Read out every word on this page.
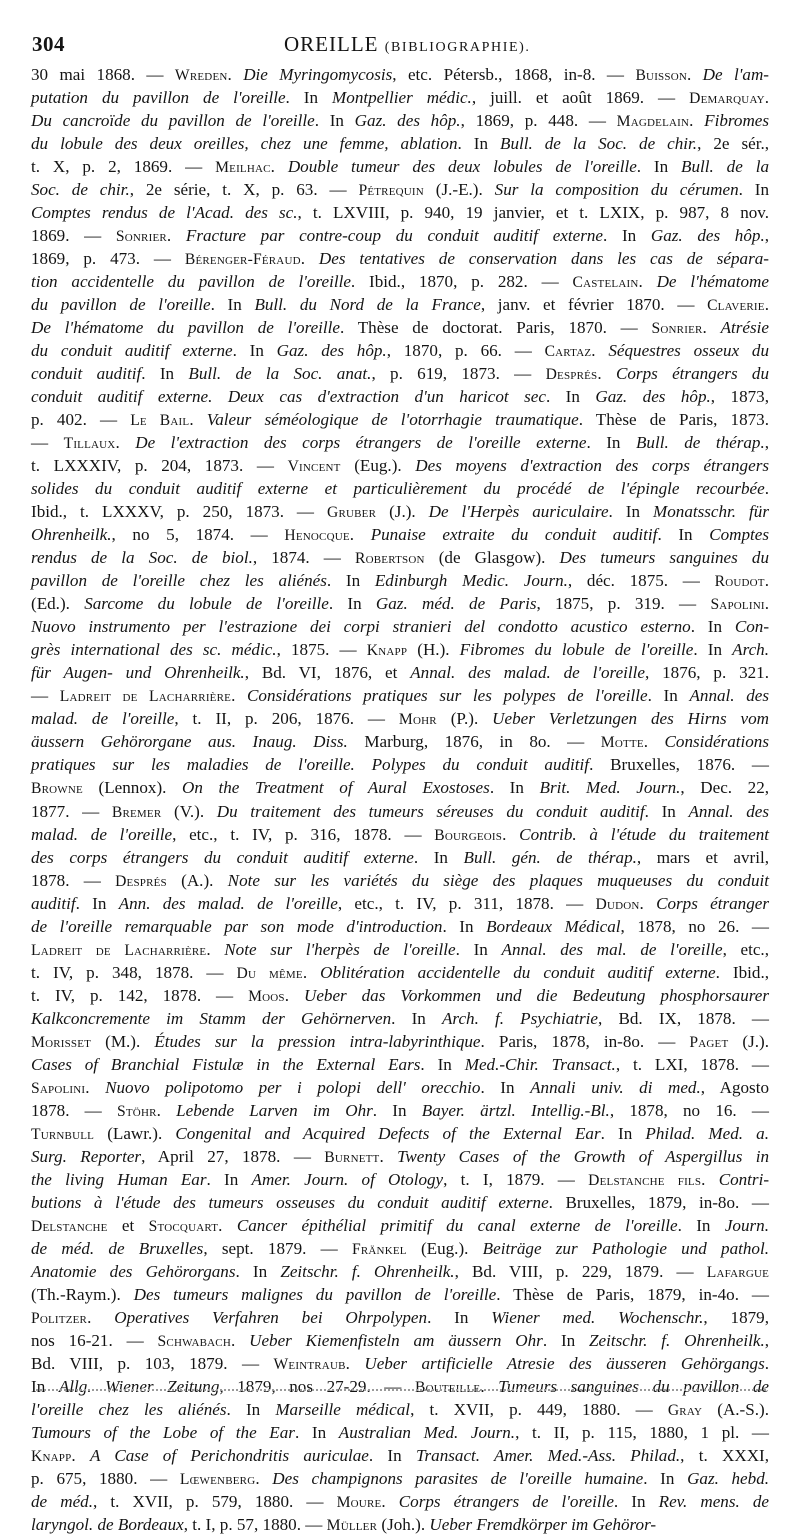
304	OREILLE (BIBLIOGRAPHIE).
30 mai 1868. — Wreden. Die Myringomycosis, etc. Pétersb., 1868, in-8. — Buisson. De l'am-
putation du pavillon de l'oreille. In Montpellier médic., juill. et août 1869. — Demarquay.
Du cancroïde du pavillon de l'oreille. In Gaz. des hôp., 1869, p. 448. — Magdelain. Fibromes
du lobule des deux oreilles, chez une femme, ablation. In Bull. de la Soc. de chir., 2e sér.,
t. X, p. 2, 1869. — Meilhac. Double tumeur des deux lobules de l'oreille. In Bull. de la
Soc. de chir., 2e série, t. X, p. 63. — Pétrequin (J.-E.). Sur la composition du cérumen. In
Comptes rendus de l'Acad. des sc., t. LXVIII, p. 940, 19 janvier, et t. LXIX, p. 987, 8 nov.
1869. — Sonrier. Fracture par contre-coup du conduit auditif externe. In Gaz. des hôp.,
1869, p. 473. — Bérenger-Féraud. Des tentatives de conservation dans les cas de sépara-
tion accidentelle du pavillon de l'oreille. Ibid., 1870, p. 282. — Castelain. De l'hématome
du pavillon de l'oreille. In Bull. du Nord de la France, janv. et février 1870. — Claverie.
De l'hématome du pavillon de l'oreille. Thèse de doctorat. Paris, 1870. — Sonrier. Atrésie
du conduit auditif externe. In Gaz. des hôp., 1870, p. 66. — Cartaz. Séquestres osseux du
conduit auditif. In Bull. de la Soc. anat., p. 619, 1873. — Després. Corps étrangers du
conduit auditif externe. Deux cas d'extraction d'un haricot sec. In Gaz. des hôp., 1873,
p. 402. — Le Bail. Valeur séméologique de l'otorrhagie traumatique. Thèse de Paris, 1873.
— Tillaux. De l'extraction des corps étrangers de l'oreille externe. In Bull. de thérap.,
t. LXXXIV, p. 204, 1873. — Vincent (Eug.). Des moyens d'extraction des corps étrangers
solides du conduit auditif externe et particulièrement du procédé de l'épingle recourbée.
Ibid., t. LXXXV, p. 250, 1873. — Gruber (J.). De l'Herpès auriculaire. In Monatsschr. für
Ohrenheilk., no 5, 1874. — Henocque. Punaise extraite du conduit auditif. In Comptes
rendus de la Soc. de biol., 1874. — Robertson (de Glasgow). Des tumeurs sanguines du
pavillon de l'oreille chez les aliénés. In Edinburgh Medic. Journ., déc. 1875. — Roudot.
(Ed.). Sarcome du lobule de l'oreille. In Gaz. méd. de Paris, 1875, p. 319. — Sapolini.
Nuovo instrumento per l'estrazione dei corpi stranieri del condotto acustico esterno. In Con-
grès international des sc. médic., 1875. — Knapp (H.). Fibromes du lobule de l'oreille. In Arch.
für Augen- und Ohrenheilk., Bd. VI, 1876, et Annal. des malad. de l'oreille, 1876, p. 321.
— Ladreit de Lacharrière. Considérations pratiques sur les polypes de l'oreille. In Annal. des
malad. de l'oreille, t. II, p. 206, 1876. — Mohr (P.). Ueber Verletzungen des Hirns vom
äussern Gehörorgane aus. Inaug. Diss. Marburg, 1876, in 8o. — Motte. Considérations
pratiques sur les maladies de l'oreille. Polypes du conduit auditif. Bruxelles, 1876. —
Browne (Lennox). On the Treatment of Aural Exostoses. In Brit. Med. Journ., Dec. 22,
1877. — Bremer (V.). Du traitement des tumeurs séreuses du conduit auditif. In Annal. des
malad. de l'oreille, etc., t. IV, p. 316, 1878. — Bourgeois. Contrib. à l'étude du traitement
des corps étrangers du conduit auditif externe. In Bull. gén. de thérap., mars et avril,
1878. — Després (A.). Note sur les variétés du siège des plaques muqueuses du conduit
auditif. In Ann. des malad. de l'oreille, etc., t. IV, p. 311, 1878. — Dudon. Corps étranger
de l'oreille remarquable par son mode d'introduction. In Bordeaux Médical, 1878, no 26. —
Ladreit de Lacharrière. Note sur l'herpès de l'oreille. In Annal. des mal. de l'oreille, etc.,
t. IV, p. 348, 1878. — Du même. Oblitération accidentelle du conduit auditif externe. Ibid.,
t. IV, p. 142, 1878. — Moos. Ueber das Vorkommen und die Bedeutung phosphorsaurer
Kalkconcremente im Stamm der Gehörnerven. In Arch. f. Psychiatrie, Bd. IX, 1878. —
Morisset (M.). Études sur la pression intra-labyrinthique. Paris, 1878, in-8o. — Paget (J.).
Cases of Branchial Fistulæ in the External Ears. In Med.-Chir. Transact., t. LXI, 1878. —
Sapolini. Nuovo polipotomo per i polopi dell' orecchio. In Annali univ. di med., Agosto
1878. — Stöhr. Lebende Larven im Ohr. In Bayer. ärtzl. Intellig.-Bl., 1878, no 16. —
Turnbull (Lawr.). Congenital and Acquired Defects of the External Ear. In Philad. Med. a.
Surg. Reporter, April 27, 1878. — Burnett. Twenty Cases of the Growth of Aspergillus in
the living Human Ear. In Amer. Journ. of Otology, t. I, 1879. — Delstanche fils. Contri-
butions à l'étude des tumeurs osseuses du conduit auditif externe. Bruxelles, 1879, in-8o. —
Delstanche et Stocquart. Cancer épithélial primitif du canal externe de l'oreille. In Journ.
de méd. de Bruxelles, sept. 1879. — Fränkel (Eug.). Beiträge zur Pathologie und pathol.
Anatomie des Gehörorgans. In Zeitschr. f. Ohrenheilk., Bd. VIII, p. 229, 1879. — Lafargue
(Th.-Raym.). Des tumeurs malignes du pavillon de l'oreille. Thèse de Paris, 1879, in-4o. —
Politzer. Operatives Verfahren bei Ohrpolypen. In Wiener med. Wochenschr., 1879,
nos 16-21. — Schwabach. Ueber Kiemenfisteln am äussern Ohr. In Zeitschr. f. Ohrenheilk.,
Bd. VIII, p. 103, 1879. — Weintraub. Ueber artificielle Atresie des äusseren Gehörgangs.
In Allg. Wiener Zeitung, 1879, nos 27-29. — Bouteille. Tumeurs sanguines du pavillon de
l'oreille chez les aliénés. In Marseille médical, t. XVII, p. 449, 1880. — Gray (A.-S.).
Tumours of the Lobe of the Ear. In Australian Med. Journ., t. II, p. 115, 1880, 1 pl. —
Knapp. A Case of Perichondritis auriculae. In Transact. Amer. Med.-Ass. Philad., t. XXXI,
p. 675, 1880. — Lœwenberg. Des champignons parasites de l'oreille humaine. In Gaz. hebd.
de méd., t. XVII, p. 579, 1880. — Moure. Corps étrangers de l'oreille. In Rev. mens. de
laryngol. de Bordeaux, t. I, p. 57, 1880. — Müller (Joh.). Ueber Fremdkörper im Gehöror-
